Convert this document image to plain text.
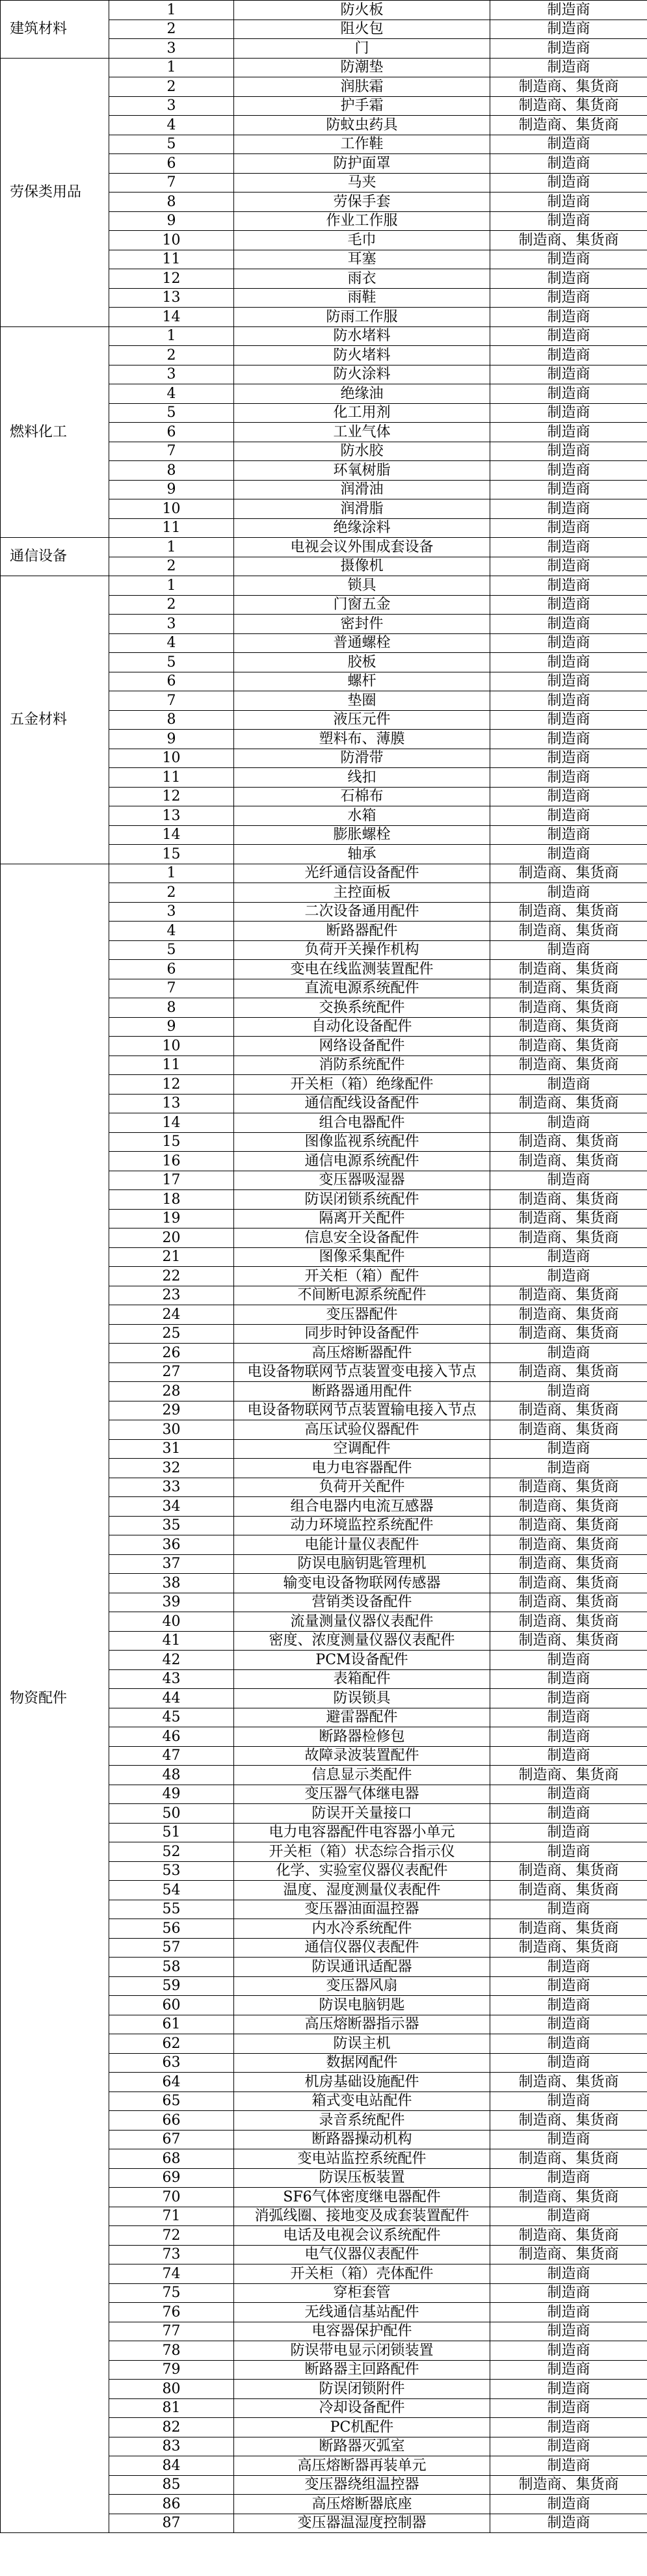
建筑材料	1	防火板	制造商
	2	阻火包	制造商
	3	门	制造商
劳保类用品	1	防潮垫	制造商
	2	润肤霜	制造商、集货商
	3	护手霜	制造商、集货商
	4	防蚊虫药具	制造商、集货商
	5	工作鞋	制造商
	6	防护面罩	制造商
	7	马夹	制造商
	8	劳保手套	制造商
	9	作业工作服	制造商
	10	毛巾	制造商、集货商
	11	耳塞	制造商
	12	雨衣	制造商
	13	雨鞋	制造商
	14	防雨工作服	制造商
燃料化工	1	防水堵料	制造商
	2	防火堵料	制造商
	3	防火涂料	制造商
	4	绝缘油	制造商
	5	化工用剂	制造商
	6	工业气体	制造商
	7	防水胶	制造商
	8	环氧树脂	制造商
	9	润滑油	制造商
	10	润滑脂	制造商
	11	绝缘涂料	制造商
通信设备	1	电视会议外围成套设备	制造商
	2	摄像机	制造商
五金材料	1	锁具	制造商
	2	门窗五金	制造商
	3	密封件	制造商
	4	普通螺栓	制造商
	5	胶板	制造商
	6	螺杆	制造商
	7	垫圈	制造商
	8	液压元件	制造商
	9	塑料布、薄膜	制造商
	10	防滑带	制造商
	11	线扣	制造商
	12	石棉布	制造商
	13	水箱	制造商
	14	膨胀螺栓	制造商
	15	轴承	制造商
物资配件	1	光纤通信设备配件	制造商、集货商
	2	主控面板	制造商
	3	二次设备通用配件	制造商、集货商
	4	断路器配件	制造商、集货商
	5	负荷开关操作机构	制造商
	6	变电在线监测装置配件	制造商、集货商
	7	直流电源系统配件	制造商、集货商
	8	交换系统配件	制造商、集货商
	9	自动化设备配件	制造商、集货商
	10	网络设备配件	制造商、集货商
	11	消防系统配件	制造商、集货商
	12	开关柜（箱）绝缘配件	制造商
	13	通信配线设备配件	制造商、集货商
	14	组合电器配件	制造商
	15	图像监视系统配件	制造商、集货商
	16	通信电源系统配件	制造商、集货商
	17	变压器吸湿器	制造商
	18	防误闭锁系统配件	制造商、集货商
	19	隔离开关配件	制造商、集货商
	20	信息安全设备配件	制造商、集货商
	21	图像采集配件	制造商
	22	开关柜（箱）配件	制造商
	23	不间断电源系统配件	制造商、集货商
	24	变压器配件	制造商、集货商
	25	同步时钟设备配件	制造商、集货商
	26	高压熔断器配件	制造商
	27	电设备物联网节点装置变电接入节点	制造商、集货商
	28	断路器通用配件	制造商
	29	电设备物联网节点装置输电接入节点	制造商、集货商
	30	高压试验仪器配件	制造商、集货商
	31	空调配件	制造商
	32	电力电容器配件	制造商
	33	负荷开关配件	制造商、集货商
	34	组合电器内电流互感器	制造商、集货商
	35	动力环境监控系统配件	制造商、集货商
	36	电能计量仪表配件	制造商、集货商
	37	防误电脑钥匙管理机	制造商、集货商
	38	输变电设备物联网传感器	制造商、集货商
	39	营销类设备配件	制造商、集货商
	40	流量测量仪器仪表配件	制造商、集货商
	41	密度、浓度测量仪器仪表配件	制造商、集货商
	42	PCM设备配件	制造商
	43	表箱配件	制造商
	44	防误锁具	制造商
	45	避雷器配件	制造商
	46	断路器检修包	制造商
	47	故障录波装置配件	制造商
	48	信息显示类配件	制造商、集货商
	49	变压器气体继电器	制造商
	50	防误开关量接口	制造商
	51	电力电容器配件电容器小单元	制造商
	52	开关柜（箱）状态综合指示仪	制造商
	53	化学、实验室仪器仪表配件	制造商、集货商
	54	温度、湿度测量仪表配件	制造商、集货商
	55	变压器油面温控器	制造商
	56	内水冷系统配件	制造商、集货商
	57	通信仪器仪表配件	制造商、集货商
	58	防误通讯适配器	制造商
	59	变压器风扇	制造商
	60	防误电脑钥匙	制造商
	61	高压熔断器指示器	制造商
	62	防误主机	制造商
	63	数据网配件	制造商
	64	机房基础设施配件	制造商、集货商
	65	箱式变电站配件	制造商
	66	录音系统配件	制造商、集货商
	67	断路器操动机构	制造商
	68	变电站监控系统配件	制造商、集货商
	69	防误压板装置	制造商
	70	SF6气体密度继电器配件	制造商、集货商
	71	消弧线圈、接地变及成套装置配件	制造商
	72	电话及电视会议系统配件	制造商、集货商
	73	电气仪器仪表配件	制造商、集货商
	74	开关柜（箱）壳体配件	制造商
	75	穿柜套管	制造商
	76	无线通信基站配件	制造商
	77	电容器保护配件	制造商
	78	防误带电显示闭锁装置	制造商
	79	断路器主回路配件	制造商
	80	防误闭锁附件	制造商
	81	冷却设备配件	制造商
	82	PC机配件	制造商
	83	断路器灭弧室	制造商
	84	高压熔断器再装单元	制造商
	85	变压器绕组温控器	制造商、集货商
	86	高压熔断器底座	制造商
	87	变压器温湿度控制器	制造商
